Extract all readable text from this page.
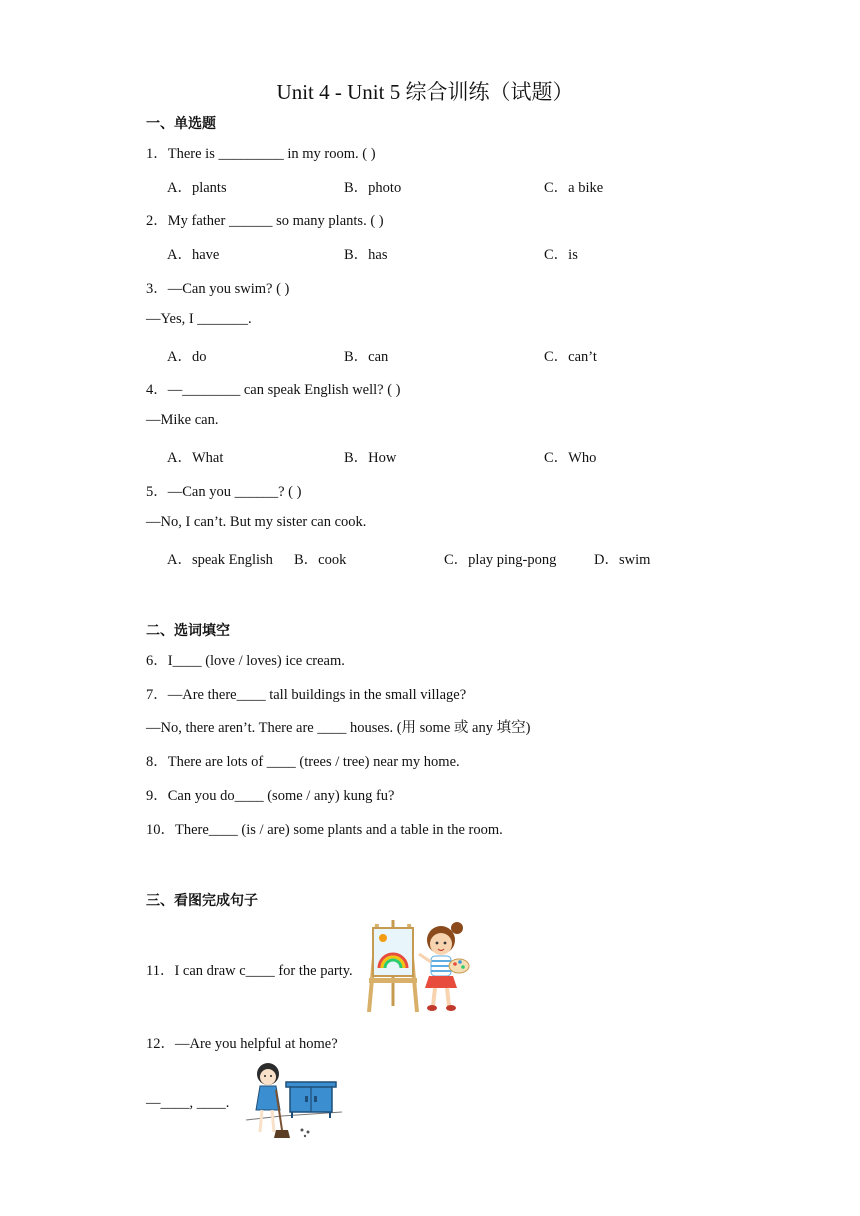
Unit 4 - Unit 5 综合训练（试题）
一、单选题
1．There is _________ in my room. ( )
A．plants	B．photo	C．a bike
2．My father ______ so many plants. ( )
A．have	B．has	C．is
3．—Can you swim? ( )
—Yes, I _______.
A．do	B．can	C．can’t
4．—________ can speak English well? ( )
—Mike can.
A．What	B．How	C．Who
5．—Can you ______? ( )
—No, I can’t. But my sister can cook.
A．speak English B．cook	C．play ping-pong	D．swim
二、选词填空
6．I____ (love / loves) ice cream.
7．—Are there____ tall buildings in the small village?
—No, there aren’t. There are ____ houses. (用 some 或 any 填空)
8．There are lots of ____ (trees / tree) near my home.
9．Can you do____ (some / any) kung fu?
10．There____ (is / are) some plants and a table in the room.
三、看图完成句子
11．I can draw c____ for the party.
12．—Are you helpful at home?
—____, ____.
